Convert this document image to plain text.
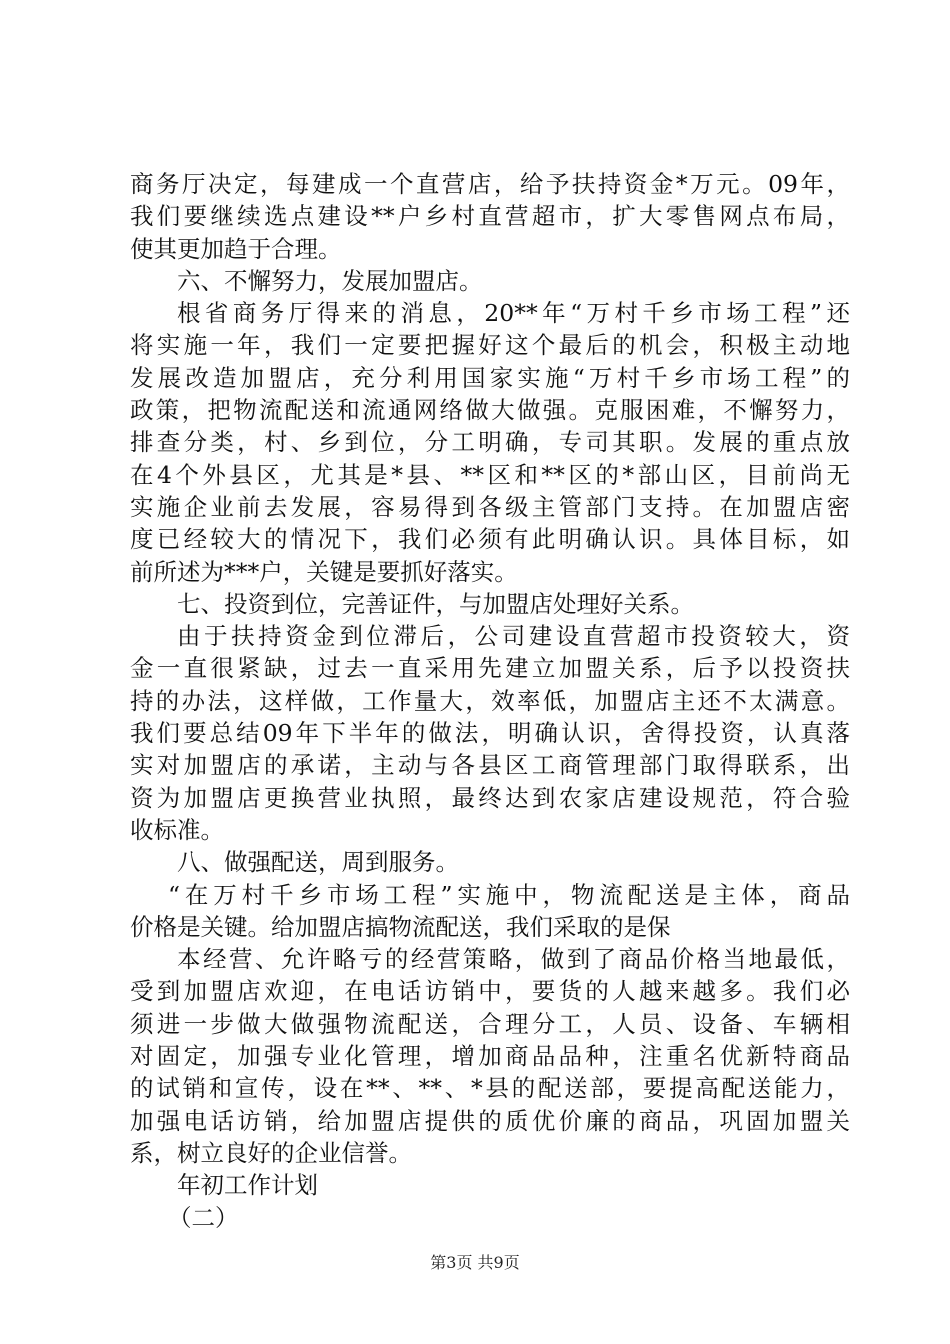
商务厅决定，每建成一个直营店，给予扶持资金*万元。09年，
我们要继续选点建设**户乡村直营超市，扩大零售网点布局，
使其更加趋于合理。
六、不懈努力，发展加盟店。
根省商务厅得来的消息，20**年“万村千乡市场工程”还
将实施一年，我们一定要把握好这个最后的机会，积极主动地
发展改造加盟店，充分利用国家实施“万村千乡市场工程”的
政策，把物流配送和流通网络做大做强。克服困难，不懈努力，
排查分类，村、乡到位，分工明确，专司其职。发展的重点放
在4个外县区，尤其是*县、**区和**区的*部山区，目前尚无
实施企业前去发展，容易得到各级主管部门支持。在加盟店密
度已经较大的情况下，我们必须有此明确认识。具体目标，如
前所述为***户，关键是要抓好落实。
七、投资到位，完善证件，与加盟店处理好关系。
由于扶持资金到位滞后，公司建设直营超市投资较大，资
金一直很紧缺，过去一直采用先建立加盟关系，后予以投资扶
持的办法，这样做，工作量大，效率低，加盟店主还不太满意。
我们要总结09年下半年的做法，明确认识，舍得投资，认真落
实对加盟店的承诺，主动与各县区工商管理部门取得联系，出
资为加盟店更换营业执照，最终达到农家店建设规范，符合验
收标准。
八、做强配送，周到服务。
“在万村千乡市场工程”实施中，物流配送是主体，商品
价格是关键。给加盟店搞物流配送，我们采取的是保
本经营、允许略亏的经营策略，做到了商品价格当地最低，
受到加盟店欢迎，在电话访销中，要货的人越来越多。我们必
须进一步做大做强物流配送，合理分工，人员、设备、车辆相
对固定，加强专业化管理，增加商品品种，注重名优新特商品
的试销和宣传，设在**、**、*县的配送部，要提高配送能力，
加强电话访销，给加盟店提供的质优价廉的商品，巩固加盟关
系，树立良好的企业信誉。
年初工作计划
（二）
第3页 共9页
